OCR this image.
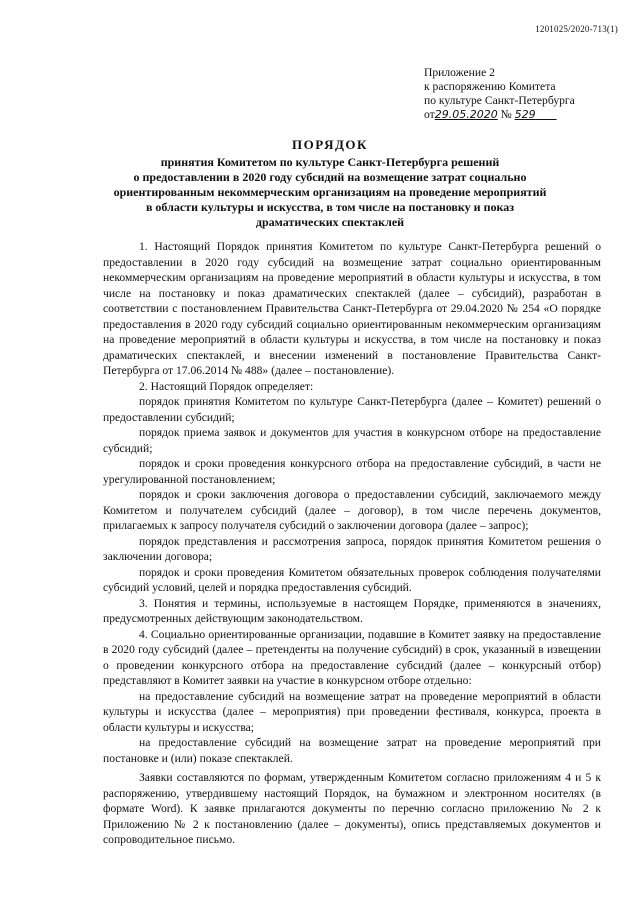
1201025/2020-713(1)
Приложение 2
к распоряжению Комитета
по культуре Санкт-Петербурга
от29.05.2020 № 529
ПОРЯДОК
принятия Комитетом по культуре Санкт-Петербурга решений
о предоставлении в 2020 году субсидий на возмещение затрат социально
ориентированным некоммерческим организациям на проведение мероприятий
в области культуры и искусства, в том числе на постановку и показ
драматических спектаклей

1. Настоящий Порядок принятия Комитетом по культуре Санкт-Петербурга решений о предоставлении в 2020 году субсидий на возмещение затрат социально ориентированным некоммерческим организациям на проведение мероприятий в области культуры и искусства, в том числе на постановку и показ драматических спектаклей (далее – субсидий), разработан в соответствии с постановлением Правительства Санкт-Петербурга от 29.04.2020 № 254 «О порядке предоставления в 2020 году субсидий социально ориентированным некоммерческим организациям на проведение мероприятий в области культуры и искусства, в том числе на постановку и показ драматических спектаклей, и внесении изменений в постановление Правительства Санкт-Петербурга от 17.06.2014 № 488» (далее – постановление).

2. Настоящий Порядок определяет:

порядок принятия Комитетом по культуре Санкт-Петербурга (далее – Комитет) решений о предоставлении субсидий;

порядок приема заявок и документов для участия в конкурсном отборе на предоставление субсидий;

порядок и сроки проведения конкурсного отбора на предоставление субсидий, в части не урегулированной постановлением;

порядок и сроки заключения договора о предоставлении субсидий, заключаемого между Комитетом и получателем субсидий (далее – договор), в том числе перечень документов, прилагаемых к запросу получателя субсидий о заключении договора (далее – запрос);

порядок представления и рассмотрения запроса, порядок принятия Комитетом решения о заключении договора;

порядок и сроки проведения Комитетом обязательных проверок соблюдения получателями субсидий условий, целей и порядка предоставления субсидий.

3. Понятия и термины, используемые в настоящем Порядке, применяются в значениях, предусмотренных действующим законодательством.

4. Социально ориентированные организации, подавшие в Комитет заявку на предоставление в 2020 году субсидий (далее – претенденты на получение субсидий) в срок, указанный в извещении о проведении конкурсного отбора на предоставление субсидий (далее – конкурсный отбор) представляют в Комитет заявки на участие в конкурсном отборе отдельно:

на предоставление субсидий на возмещение затрат на проведение мероприятий в области культуры и искусства (далее – мероприятия) при проведении фестиваля, конкурса, проекта в области культуры и искусства;

на предоставление субсидий на возмещение затрат на проведение мероприятий при постановке и (или) показе спектаклей.

Заявки составляются по формам, утвержденным Комитетом согласно приложениям 4 и 5 к распоряжению, утвердившему настоящий Порядок, на бумажном и электронном носителях (в формате Word). К заявке прилагаются документы по перечню согласно приложению № 2 к Приложению № 2 к постановлению (далее – документы), опись представляемых документов и сопроводительное письмо.
